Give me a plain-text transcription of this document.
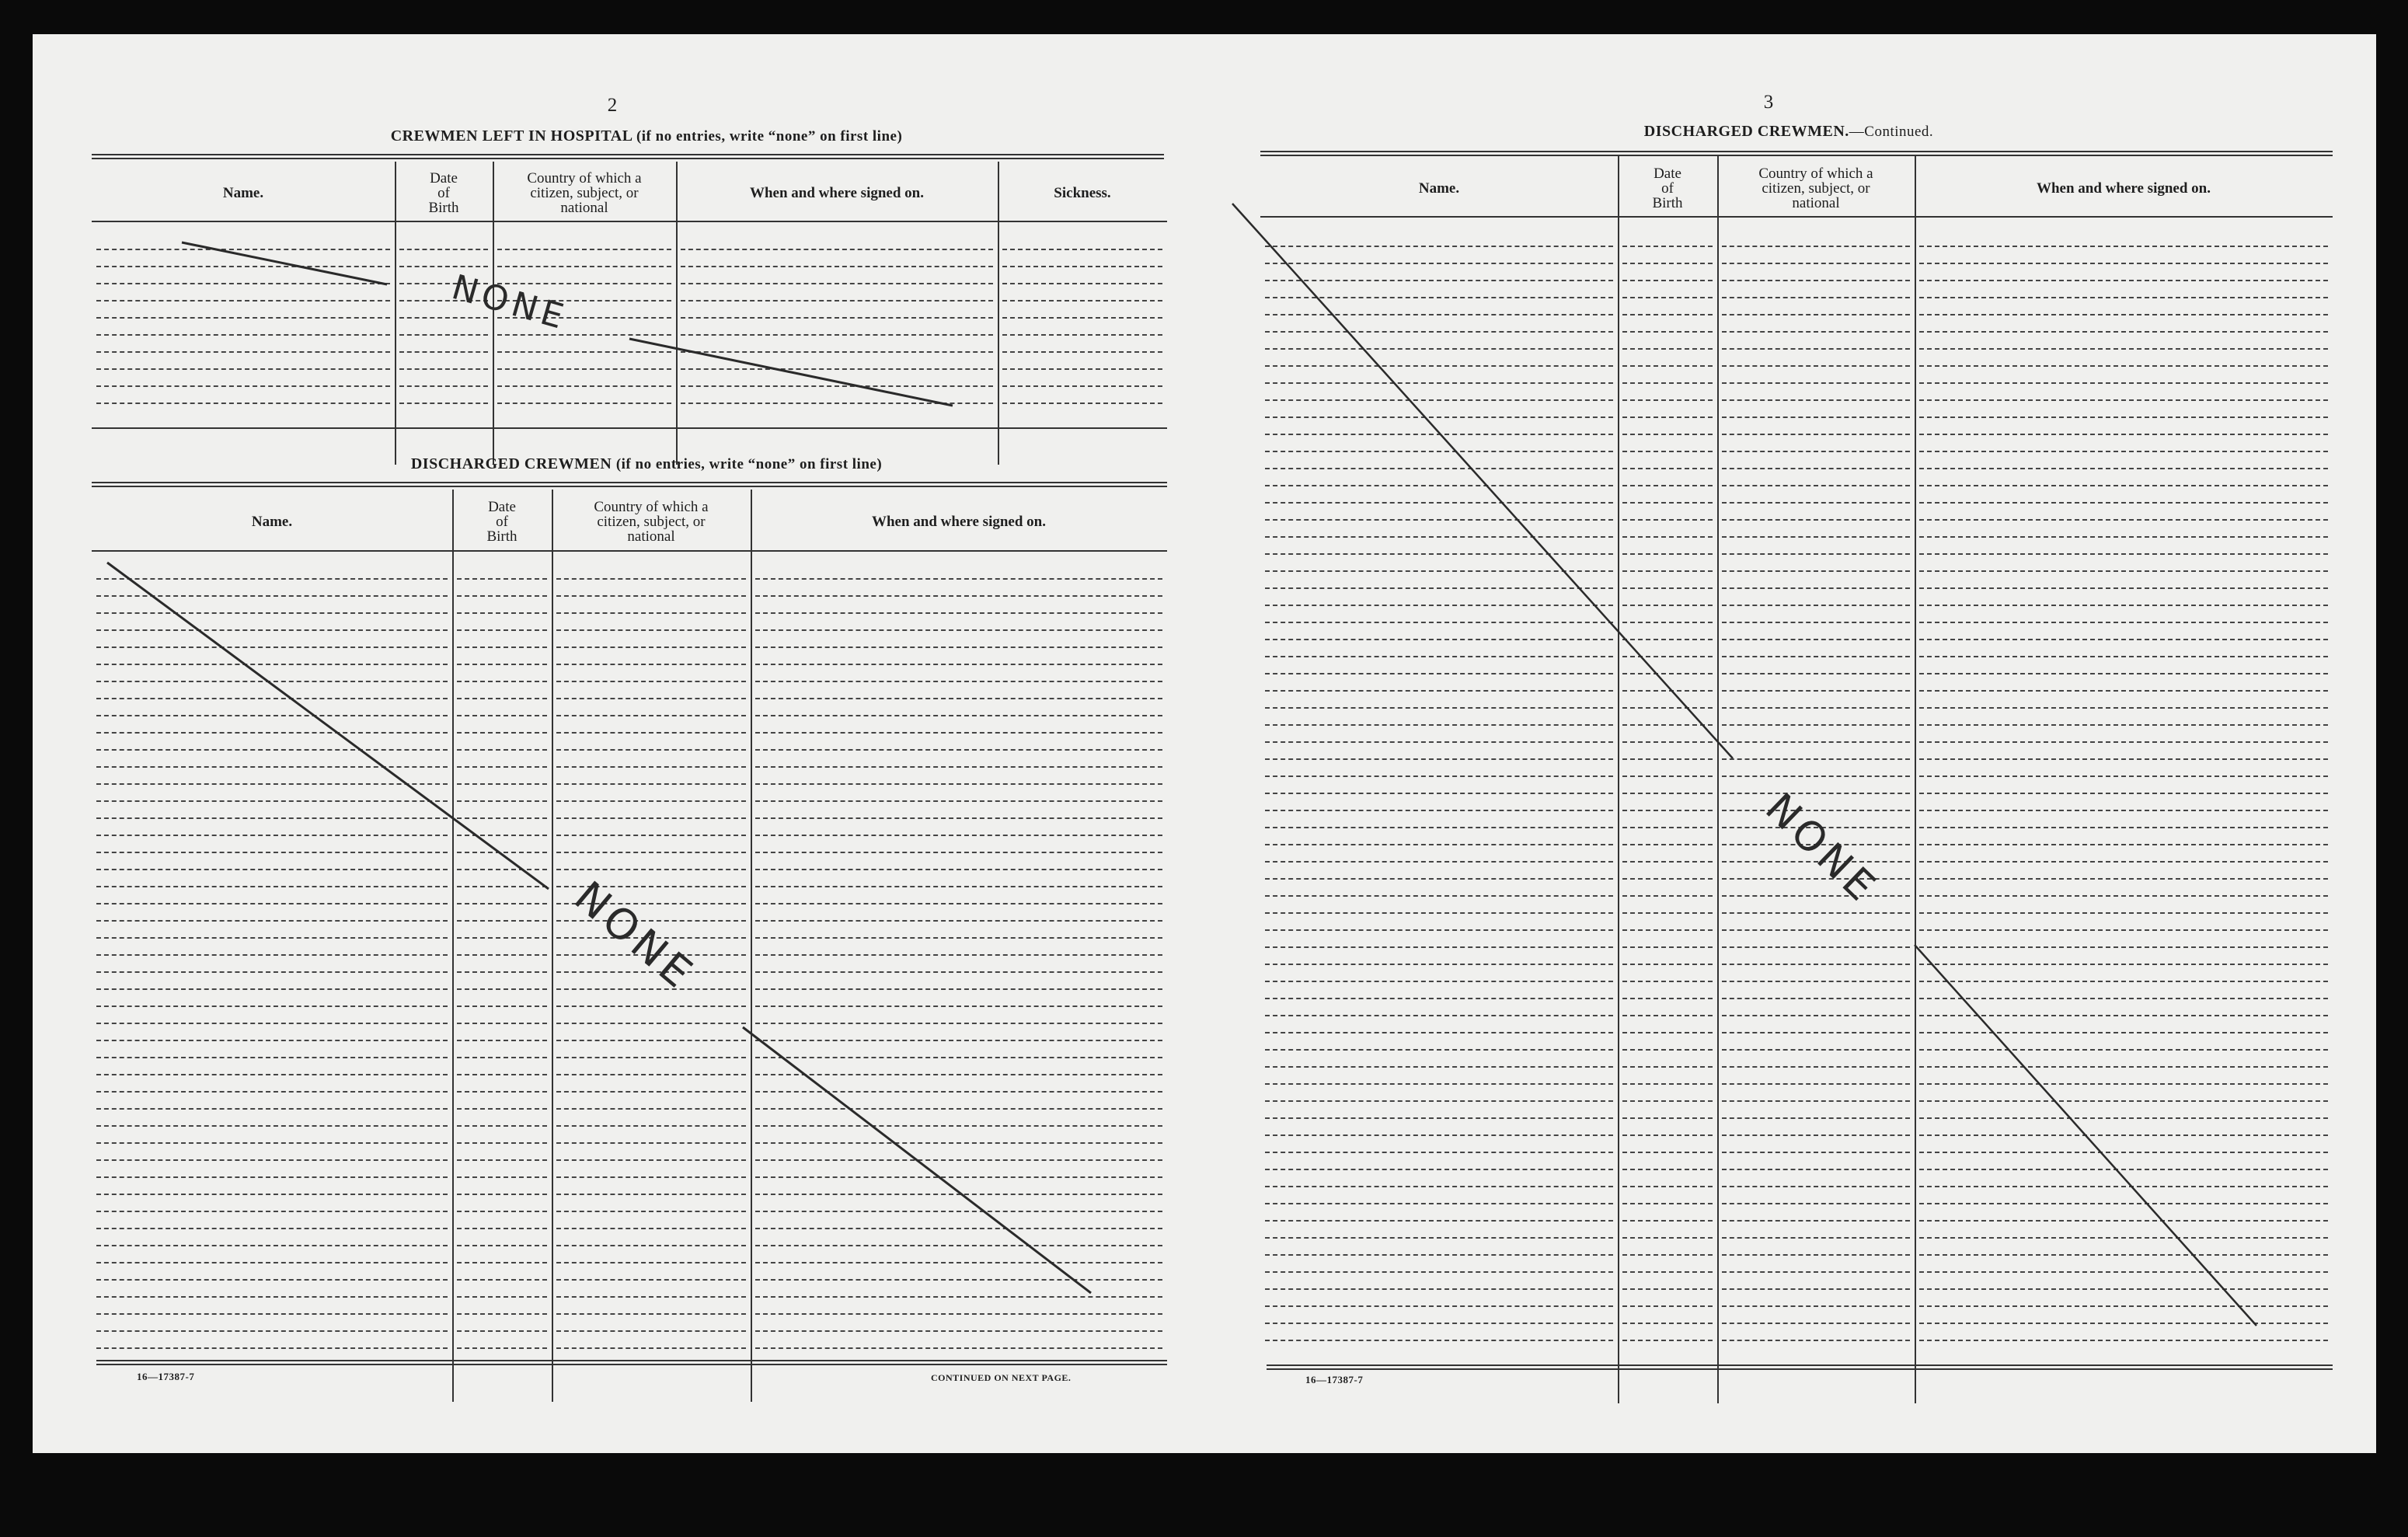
2
CREWMEN LEFT IN HOSPITAL (if no entries, write “none” on first line)
Name.
Date
of
Birth
Country of which a
citizen, subject, or
national
When and where signed on.	Sickness.
DISCHARGED CREWMEN (if no entries, write “none” on first line)
Name.
Date
of
Birth
Country of which a
citizen, subject, or
national
When and where signed on.
16—17387-7	CONTINUED ON NEXT PAGE.
3
DISCHARGED CREWMEN.—Continued.
Name.
Date
of
Birth
Country of which a
citizen, subject, or
national
When and where signed on.
16—17387-7
NONE
NONE
NONE
